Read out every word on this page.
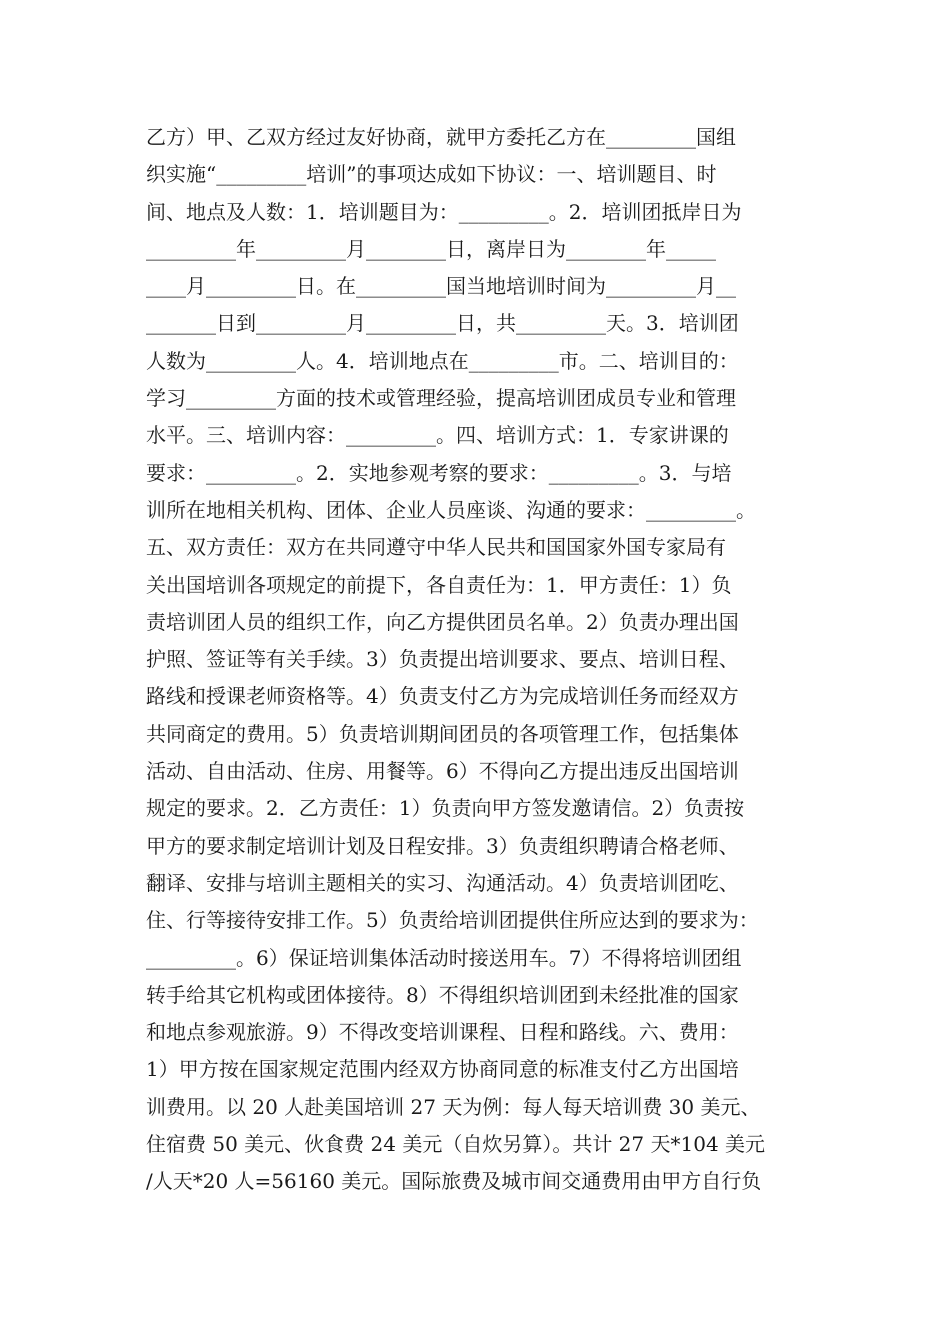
乙方）甲、乙双方经过友好协商，就甲方委托乙方在_________国组
织实施“_________培训”的事项达成如下协议：一、培训题目、时
间、地点及人数：1．培训题目为：_________。2．培训团抵岸日为
_________年_________月________日，离岸日为________年_____
____月_________日。在_________国当地培训时间为_________月__
_______日到_________月_________日，共_________天。3．培训团
人数为_________人。4．培训地点在_________市。二、培训目的：
学习_________方面的技术或管理经验，提高培训团成员专业和管理
水平。三、培训内容：_________。四、培训方式：1．专家讲课的
要求：_________。2．实地参观考察的要求：_________。3．与培
训所在地相关机构、团体、企业人员座谈、沟通的要求：_________。
五、双方责任：双方在共同遵守中华人民共和国国家外国专家局有
关出国培训各项规定的前提下，各自责任为：1．甲方责任：1）负
责培训团人员的组织工作，向乙方提供团员名单。2）负责办理出国
护照、签证等有关手续。3）负责提出培训要求、要点、培训日程、
路线和授课老师资格等。4）负责支付乙方为完成培训任务而经双方
共同商定的费用。5）负责培训期间团员的各项管理工作，包括集体
活动、自由活动、住房、用餐等。6）不得向乙方提出违反出国培训
规定的要求。2．乙方责任：1）负责向甲方签发邀请信。2）负责按
甲方的要求制定培训计划及日程安排。3）负责组织聘请合格老师、
翻译、安排与培训主题相关的实习、沟通活动。4）负责培训团吃、
住、行等接待安排工作。5）负责给培训团提供住所应达到的要求为：
_________。6）保证培训集体活动时接送用车。7）不得将培训团组
转手给其它机构或团体接待。8）不得组织培训团到未经批准的国家
和地点参观旅游。9）不得改变培训课程、日程和路线。六、费用：
1）甲方按在国家规定范围内经双方协商同意的标准支付乙方出国培
训费用。以 20 人赴美国培训 27 天为例：每人每天培训费 30 美元、
住宿费 50 美元、伙食费 24 美元（自炊另算）。共计 27 天*104 美元
/人天*20 人=56160 美元。国际旅费及城市间交通费用由甲方自行负
